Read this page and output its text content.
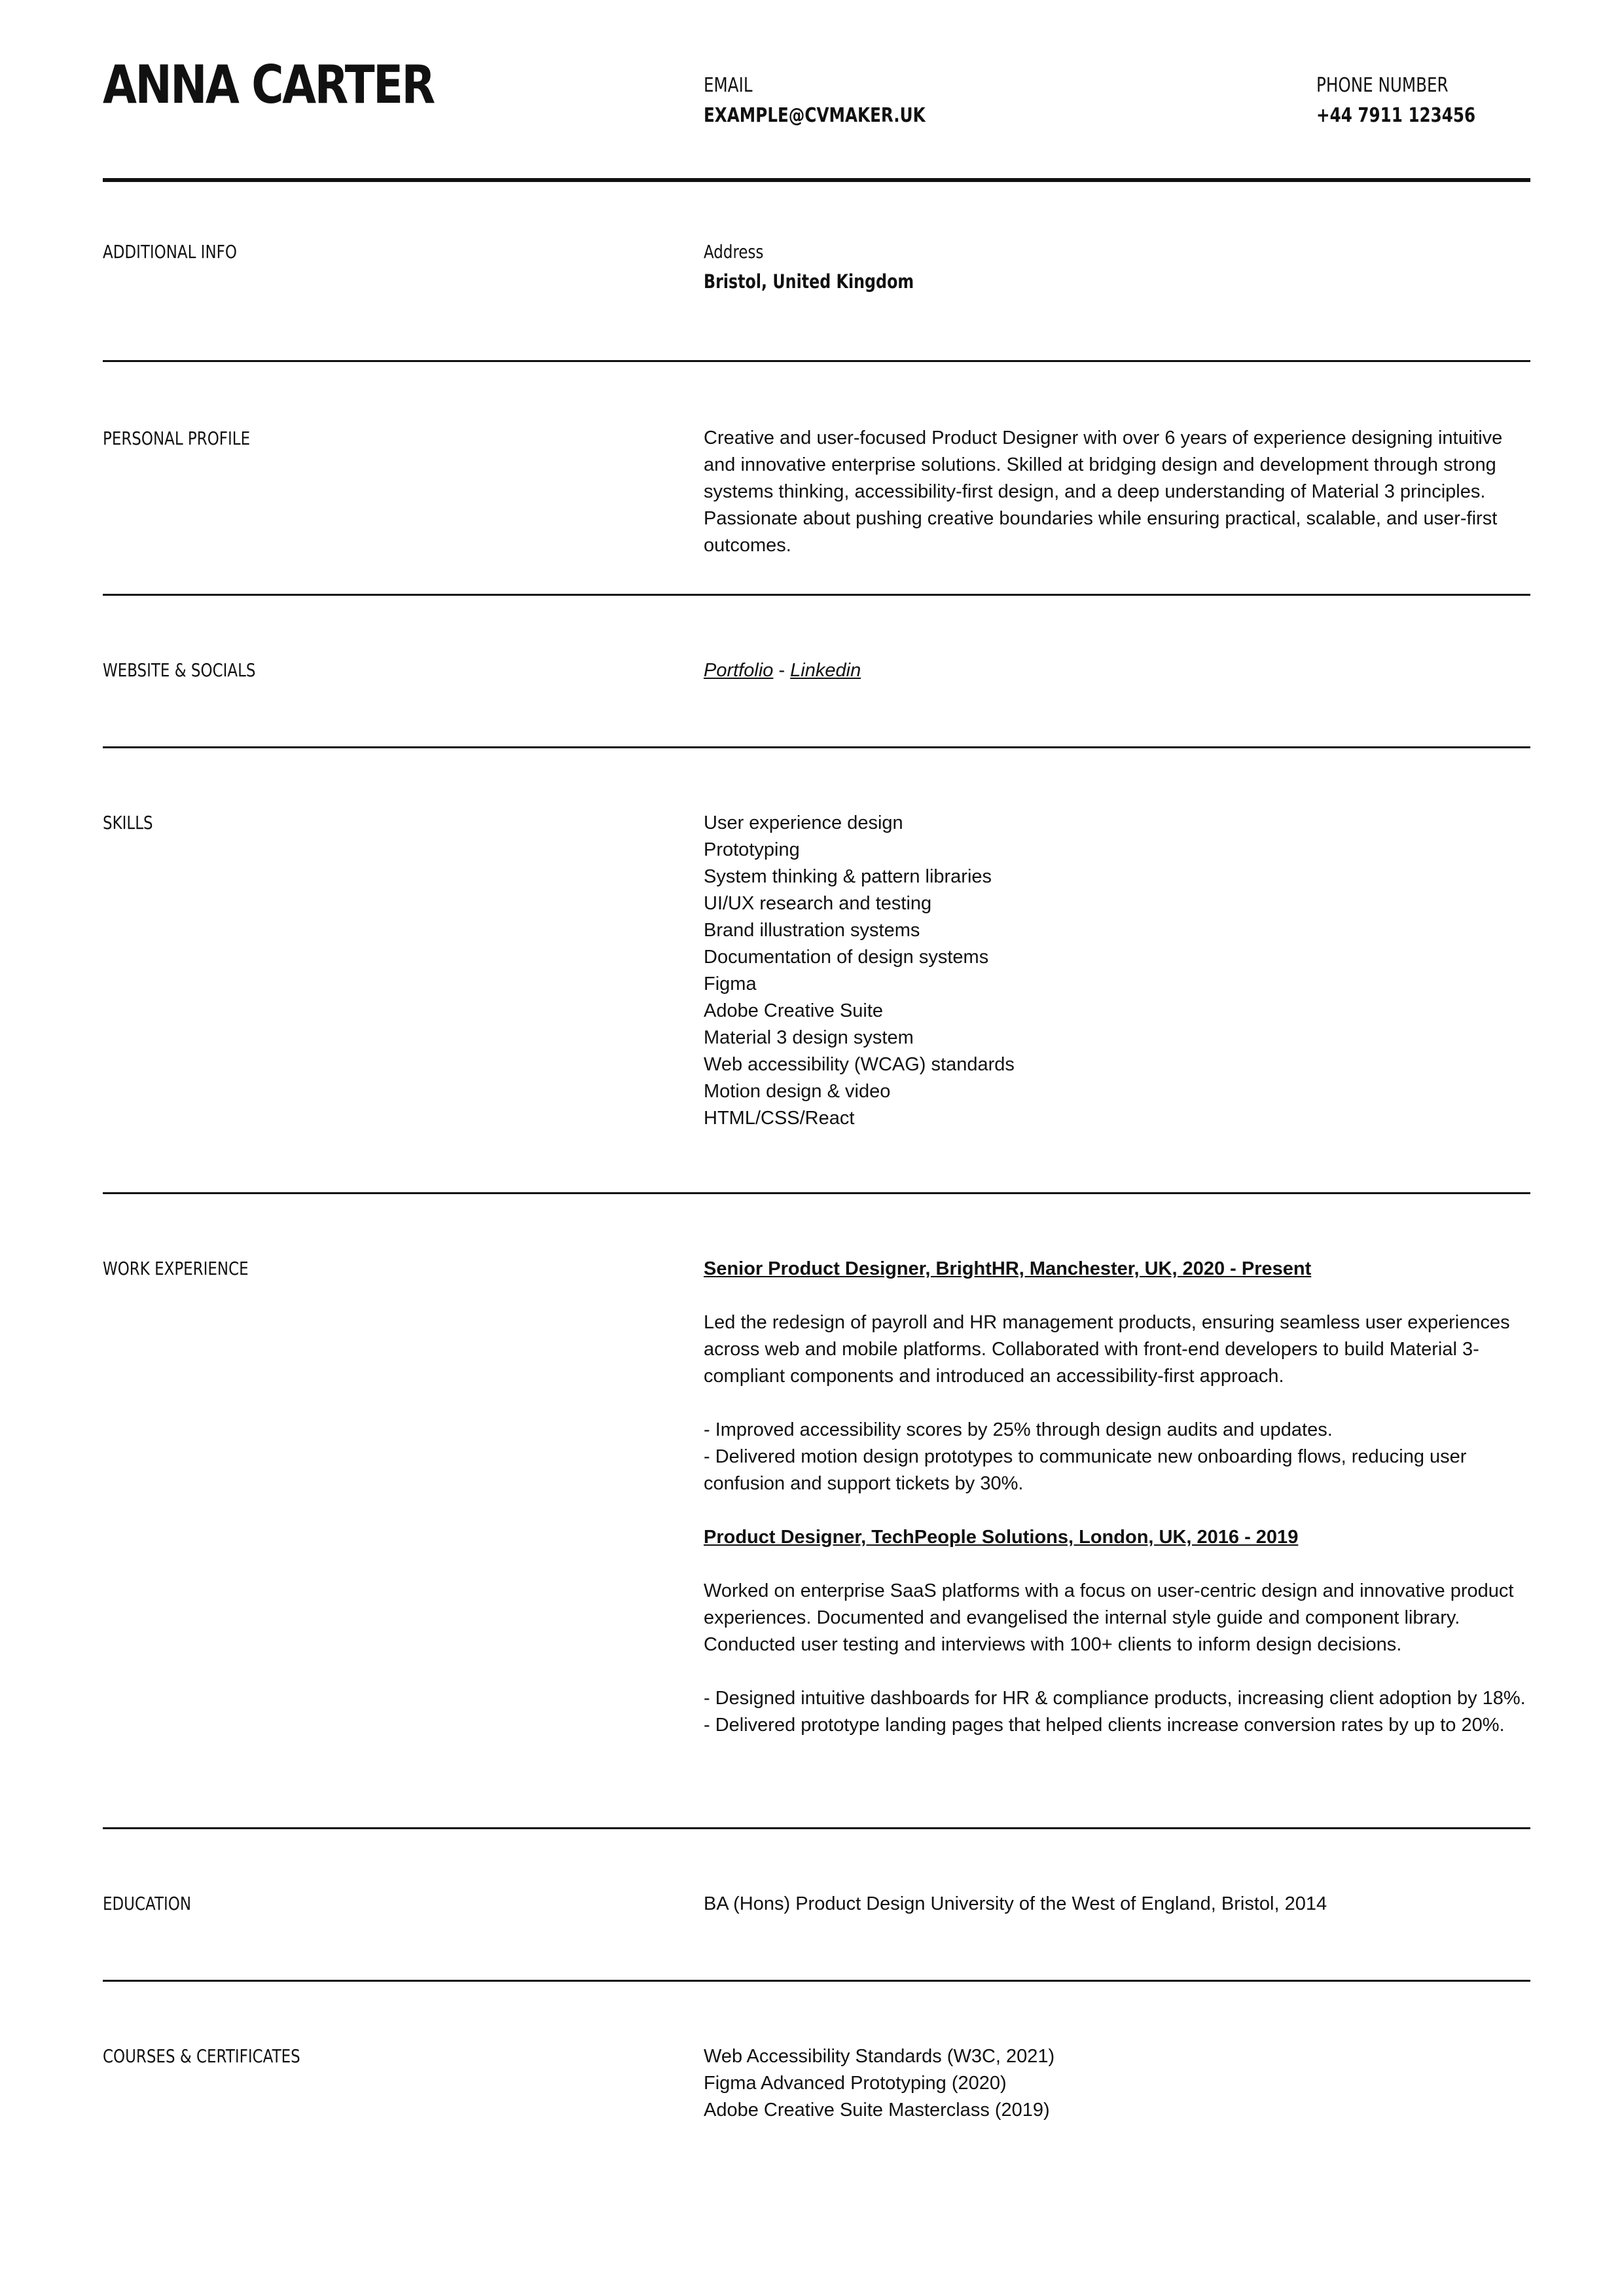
ANNA CARTER	EMAIL
EXAMPLE@CVMAKER.UK
PHONE NUMBER
+44 7911 123456
ADDITIONAL INFO	Address
Bristol, United Kingdom
PERSONAL PROFILE	Creative and user-focused Product Designer with over 6 years of experience designing intuitive and innovative enterprise solutions. Skilled at bridging design and development through strong systems thinking, accessibility-first design, and a deep understanding of Material 3 principles. Passionate about pushing creative boundaries while ensuring practical, scalable, and user-first outcomes.

WEBSITE & SOCIALS	Portfolio - Linkedin
SKILLS	User experience design
Prototyping
System thinking & pattern libraries
UI/UX research and testing
Brand illustration systems
Documentation of design systems
Figma
Adobe Creative Suite
Material 3 design system
Web accessibility (WCAG) standards
Motion design & video
HTML/CSS/React
WORK EXPERIENCE	Senior Product Designer, BrightHR, Manchester, UK, 2020 - Present

Led the redesign of payroll and HR management products, ensuring seamless user experiences across web and mobile platforms. Collaborated with front-end developers to build Material 3-compliant components and introduced an accessibility-first approach.

- Improved accessibility scores by 25% through design audits and updates.

- Delivered motion design prototypes to communicate new onboarding flows, reducing user confusion and support tickets by 30%.

Product Designer, TechPeople Solutions, London, UK, 2016 - 2019

Worked on enterprise SaaS platforms with a focus on user-centric design and innovative product experiences. Documented and evangelised the internal style guide and component library. Conducted user testing and interviews with 100+ clients to inform design decisions.

- Designed intuitive dashboards for HR & compliance products, increasing client adoption by 18%.

- Delivered prototype landing pages that helped clients increase conversion rates by up to 20%.

EDUCATION	BA (Hons) Product Design University of the West of England, Bristol, 2014

COURSES & CERTIFICATES	Web Accessibility Standards (W3C, 2021)
Figma Advanced Prototyping (2020)
Adobe Creative Suite Masterclass (2019)
